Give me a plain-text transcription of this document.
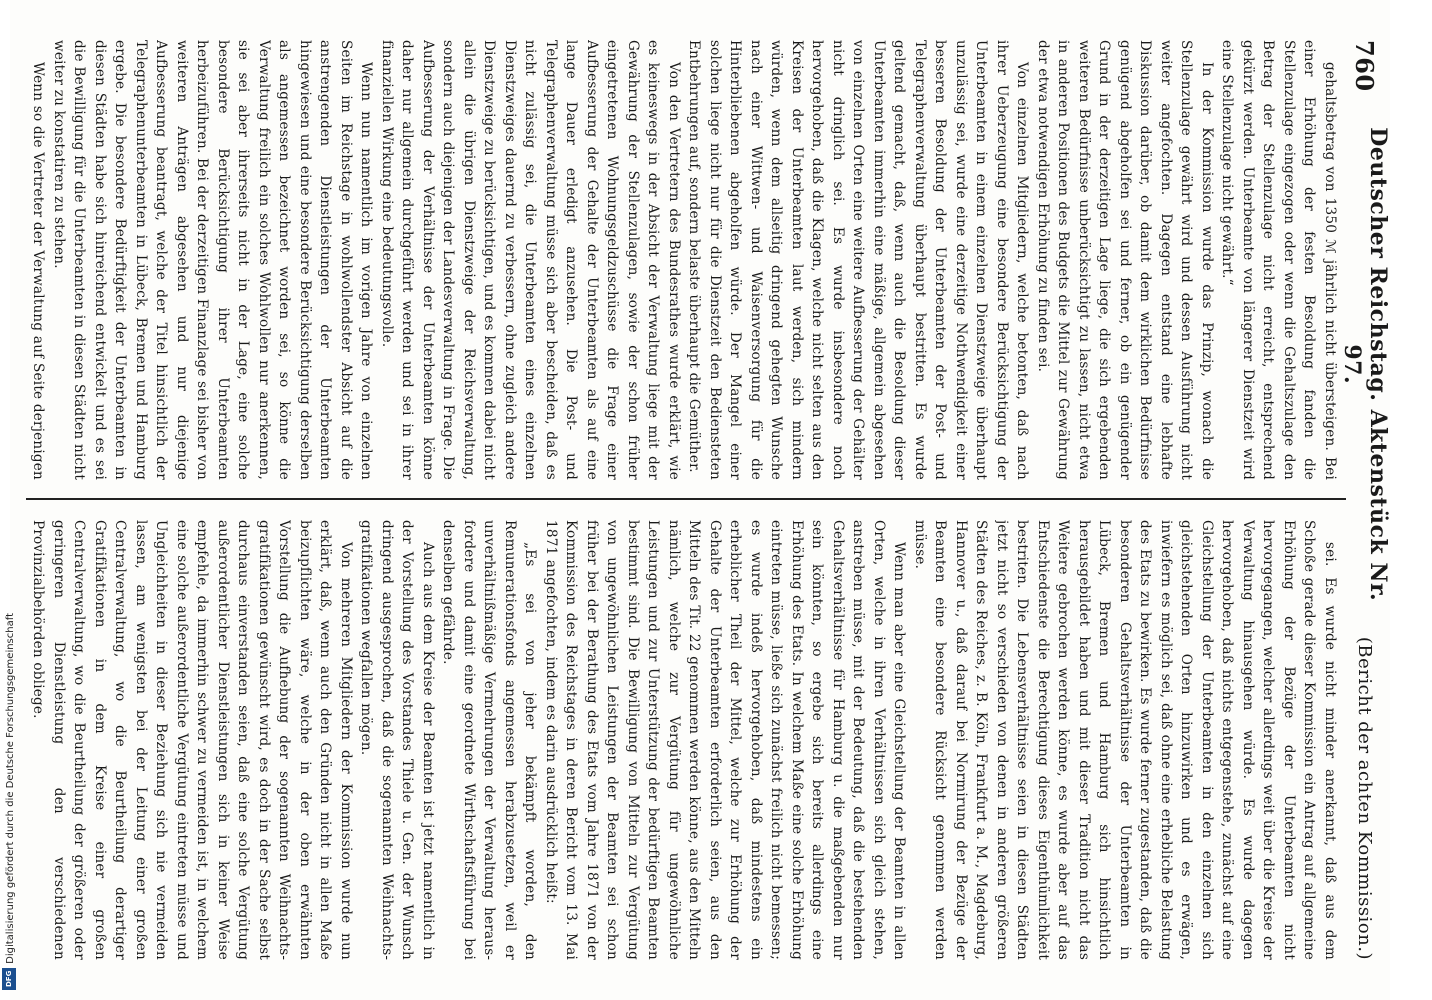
760
Deutscher Reichstag. Aktenstück Nr. 97.
(Bericht der achten Kommission.)

gehaltsbetrag von 1350 ℳ jährlich nicht übersteigen. Bei einer Erhöhung der festen Besoldung fanden die Stellenzulage eingezogen oder wenn die Gehaltszulage den Betrag der Stellenzulage nicht erreicht, entsprechend gekürzt werden. Unterbeamte von längerer Dienstzeit wird eine Stellenzulage nicht gewährt.“

In der Kommission wurde das Prinzip, wonach die Stellenzulage gewährt wird und dessen Ausführung nicht weiter angefochten. Dagegen entstand eine lebhafte Diskussion darüber, ob damit dem wirklichen Bedürfnisse genügend abgeholfen sei und ferner, ob ein genügender Grund in der derzeitigen Lage liege, die sich ergebenden weiteren Bedürfnisse unberücksichtigt zu lassen, nicht etwa in anderen Positionen des Budgets die Mittel zur Gewährung der etwa notwendigen Erhöhung zu finden sei.

Von einzelnen Mitgliedern, welche betonten, daß nach ihrer Ueberzeugung eine besondere Berücksichtigung der Unterbeamten in einem einzelnen Dienstzweige überhaupt unzulässig sei, wurde eine derzeitige Nothwendigkeit einer besseren Besoldung der Unterbeamten der Post- und Telegraphenverwaltung überhaupt bestritten. Es wurde geltend gemacht, daß, wenn auch die Besoldung dieser Unterbeamten immerhin eine mäßige, allgemein abgesehen von einzelnen Orten eine weitere Aufbesserung der Gehälter nicht dringlich sei. Es wurde insbesondere noch hervorgehoben, daß die Klagen, welche nicht selten aus den Kreisen der Unterbeamten laut werden, sich mindern würden, wenn dem allseitig dringend gehegten Wunsche nach einer Wittwen- und Waisenversorgung für die Hinterbliebenen abgeholfen würde. Der Mangel einer solchen liege nicht nur für die Dienstzeit den Bediensteten Entbehrungen auf, sondern belaste überhaupt die Gemüther.

Von den Vertretern des Bundesrathes wurde erklärt, wie es keineswegs in der Absicht der Verwaltung liege mit der Gewährung der Stellenzulagen, sowie der schon früher eingetretenen Wohnungsgeldzuschüsse die Frage einer Aufbesserung der Gehalte der Unterbeamten als auf eine lange Dauer erledigt anzusehen. Die Post- und Telegraphenverwaltung müsse sich aber bescheiden, daß es nicht zulässig sei, die Unterbeamten eines einzelnen Dienstzweiges dauernd zu verbessern, ohne zugleich andere Dienstzweige zu berücksichtigen, und es kommen dabei nicht allein die übrigen Dienstzweige der Reichsverwaltung, sondern auch diejenigen der Landesverwaltung in Frage. Die Aufbesserung der Verhältnisse der Unterbeamten könne daher nur allgemein durchgeführt werden und sei in ihrer finanziellen Wirkung eine bedeutungsvolle.

Wenn nun namentlich im vorigen Jahre von einzelnen Seiten im Reichstage in wohlwollendster Absicht auf die anstrengenden Dienstleistungen der Unterbeamten hingewiesen und eine besondere Berücksichtigung derselben als angemessen bezeichnet worden sei, so könne die Verwaltung freilich ein solches Wohlwollen nur anerkennen, sie sei aber ihrerseits nicht in der Lage, eine solche besondere Berücksichtigung ihrer Unterbeamten herbeizuführen. Bei der derzeitigen Finanzlage sei bisher von weiteren Anträgen abgesehen und nur diejenige Aufbesserung beantragt, welche der Titel hinsichtlich der Telegraphenunterbeamten in Lübeck, Bremen und Hamburg ergebe. Die besondere Bedürftigkeit der Unterbeamten in diesen Städten habe sich hinreichend entwickelt und es sei die Bewilligung für die Unterbeamten in diesen Städten nicht weiter zu konstatiren zu stehen.

Wenn so die Vertreter der Verwaltung auf Seite derjenigen

sei. Es wurde nicht minder anerkannt, daß aus dem Schoße gerade dieser Kommission ein Antrag auf allgemeine Erhöhung der Bezüge der Unterbeamten nicht hervorgegangen, welcher allerdings weit über die Kreise der Verwaltung hinausgehen würde. Es wurde dagegen hervorgehoben, daß nichts entgegenstehe, zunächst auf eine Gleichstellung der Unterbeamten in den einzelnen sich gleichstehenden Orten hinzuwirken und es erwägen, inwiefern es möglich sei, daß ohne eine erhebliche Belastung des Etats zu bewirken. Es wurde ferner zugestanden, daß die besonderen Gehaltsverhältnisse der Unterbeamten in Lübeck, Bremen und Hamburg sich hinsichtlich herausgebildet haben und mit dieser Tradition nicht das Weitere gebrochen werden könne, es wurde aber auf das Entschiedenste die Berechtigung dieses Eigenthümlichkeit bestriten. Die Lebensverhältnisse seien in diesen Städten jetzt nicht so verschieden von denen in anderen größeren Städten des Reiches, z. B. Köln, Frankfurt a. M., Magdeburg, Hannover u., daß darauf bei Normirung der Bezüge der Beamten eine besondere Rücksicht genommen werden müsse.

Wenn man aber eine Gleichstellung der Beamten in allen Orten, welche in ihren Verhältnissen sich gleich stehen, anstreben müsse, mit der Bedeutung, daß die bestehenden Gehaltsverhältnisse für Hamburg u. die maßgebenden nur sein könnten, so ergebe sich bereits allerdings eine Erhöhung des Etats. In welchem Maße eine solche Erhöhung eintreten müsse, ließe sich zunächst freilich nicht bemessen; es wurde indeß hervorgehoben, daß mindestens ein erheblicher Theil der Mittel, welche zur Erhöhung der Gehalte der Unterbeamten erforderlich seien, aus den Mitteln des Tit. 22 genommen werden könne, aus den Mitteln nämlich, welche zur Vergütung für ungewöhnliche Leistungen und zur Unterstützung der bedürftigen Beamten bestimmt sind. Die Bewilligung von Mitteln zur Vergütung von ungewöhnlichen Leistungen der Beamten sei schon früher bei der Berathung des Etats vom Jahre 1871 von der Kommission des Reichstages in deren Bericht vom 13. Mai 1871 angefochten, indem es darin ausdrücklich heißt:

„Es sei von jeher bekämpft worden, den Remunerationsfonds angemessen herabzusetzen, weil er unverhältnißmäßige Vermehrungen der Verwaltung herausfordere und damit eine geordnete Wirthschaftsführung bei denselben gefährde.

Auch aus dem Kreise der Beamten ist jetzt namentlich in der Vorstellung des Vorstandes Thiele u. Gen. der Wunsch dringend ausgesprochen, daß die sogenannten Weihnachtsgratifikationen wegfallen mögen.

Von mehreren Mitgliedern der Kommission wurde nun erklärt, daß, wenn auch den Gründen nicht in allen Maße beizupflichten wäre, welche in der oben erwähnten Vorstellung die Aufhebung der sogenannten Weihnachtsgratifikationen gewünscht wird, es doch in der Sache selbst durchaus einverstanden seien, daß eine solche Vergütung außerordentlicher Dienstleistungen sich in keiner Weise empfehle, da immerhin schwer zu vermeiden ist, in welchem eine solche außerordentliche Vergütung eintreten müsse und Ungleichheiten in dieser Beziehung sich nie vermeiden lassen, am wenigsten bei der Leitung einer großen Centralverwaltung, wo die Beurtheilung derartiger Gratifikationen in dem Kreise einer großen Centralverwaltung, wo die Beurtheilung der größeren oder geringeren Dienstleistung den verschiedenen Provinzialbehörden obliege.

Digitalisierung gefördert durch die Deutsche Forschungsgemeinschaft
DFG
